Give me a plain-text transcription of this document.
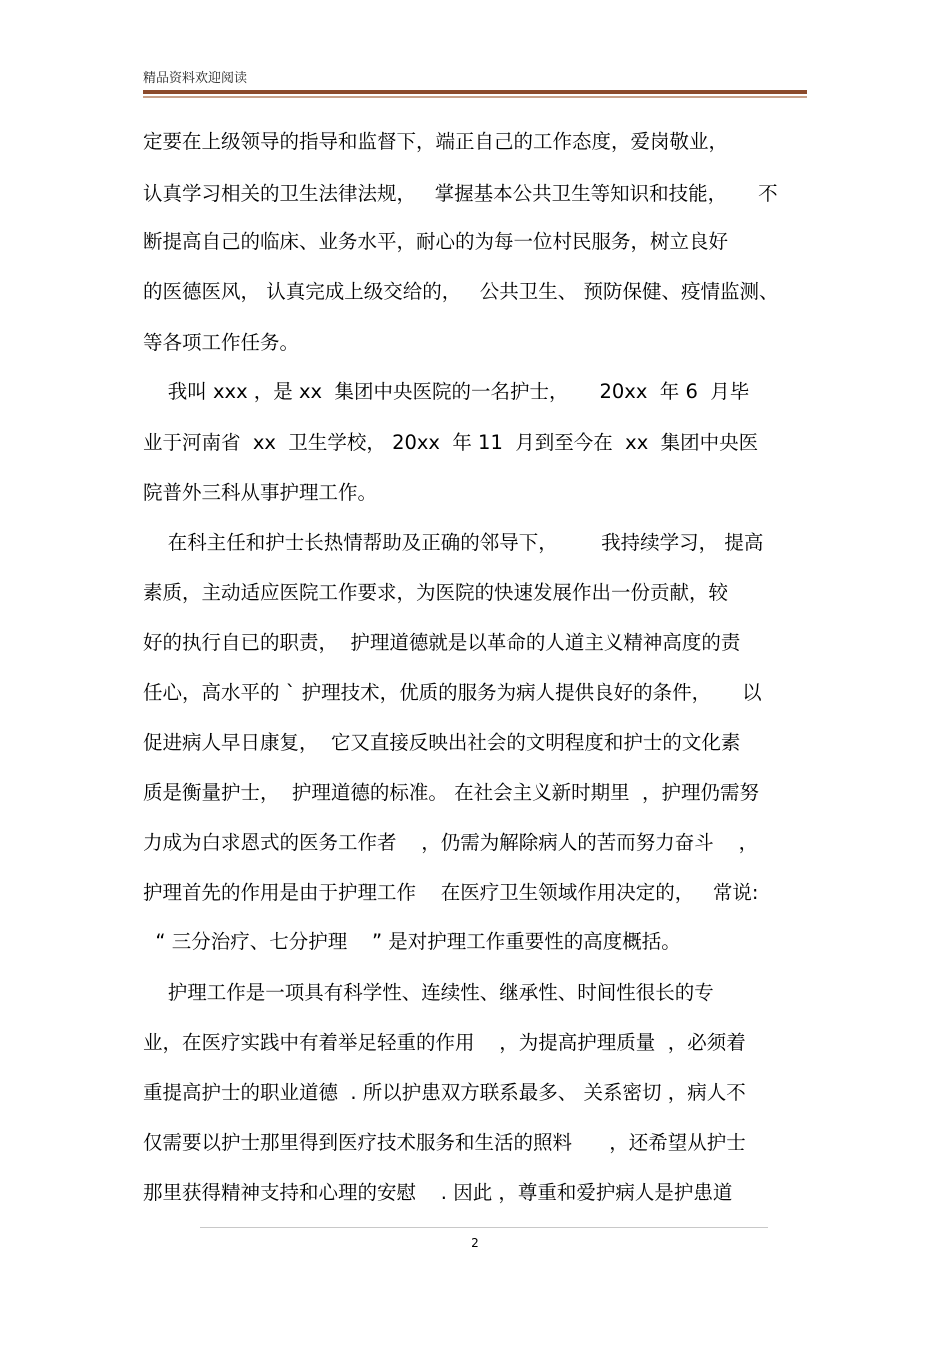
精品资料欢迎阅读
定要在上级领导的指导和监督下，端正自己的工作态度，爱岗敬业，
认真学习相关的卫生法律法规，   掌握基本公共卫生等知识和技能，     不
断提高自己的临床、业务水平，耐心的为每一位村民服务，树立良好
的医德医风， 认真完成上级交给的，   公共卫生、 预防保健、疫情监测、
等各项工作任务。
我叫 xxx ，是 xx  集团中央医院的一名护士，     20xx  年 6  月毕
业于河南省  xx  卫生学校， 20xx  年 11  月到至今在  xx  集团中央医
院普外三科从事护理工作。
在科主任和护士长热情帮助及正确的邻导下，       我持续学习， 提高
素质，主动适应医院工作要求，为医院的快速发展作出一份贡献，较
好的执行自已的职责，  护理道德就是以革命的人道主义精神高度的责
任心，高水平的 ` 护理技术，优质的服务为病人提供良好的条件，     以
促进病人早日康复，  它又直接反映出社会的文明程度和护士的文化素
质是衡量护士，  护理道德的标准。 在社会主义新时期里  ，护理仍需努
力成为白求恩式的医务工作者    ，仍需为解除病人的苦而努力奋斗    ，
护理首先的作用是由于护理工作    在医疗卫生领域作用决定的，   常说:
“ 三分治疗、七分护理    ” 是对护理工作重要性的高度概括。
护理工作是一项具有科学性、连续性、继承性、时间性很长的专
业，在医疗实践中有着举足轻重的作用    ，为提高护理质量  ，必须着
重提高护士的职业道德  . 所以护患双方联系最多、 关系密切 ，病人不
仅需要以护士那里得到医疗技术服务和生活的照料      ，还希望从护士
那里获得精神支持和心理的安慰    . 因此 ，尊重和爱护病人是护患道
2
